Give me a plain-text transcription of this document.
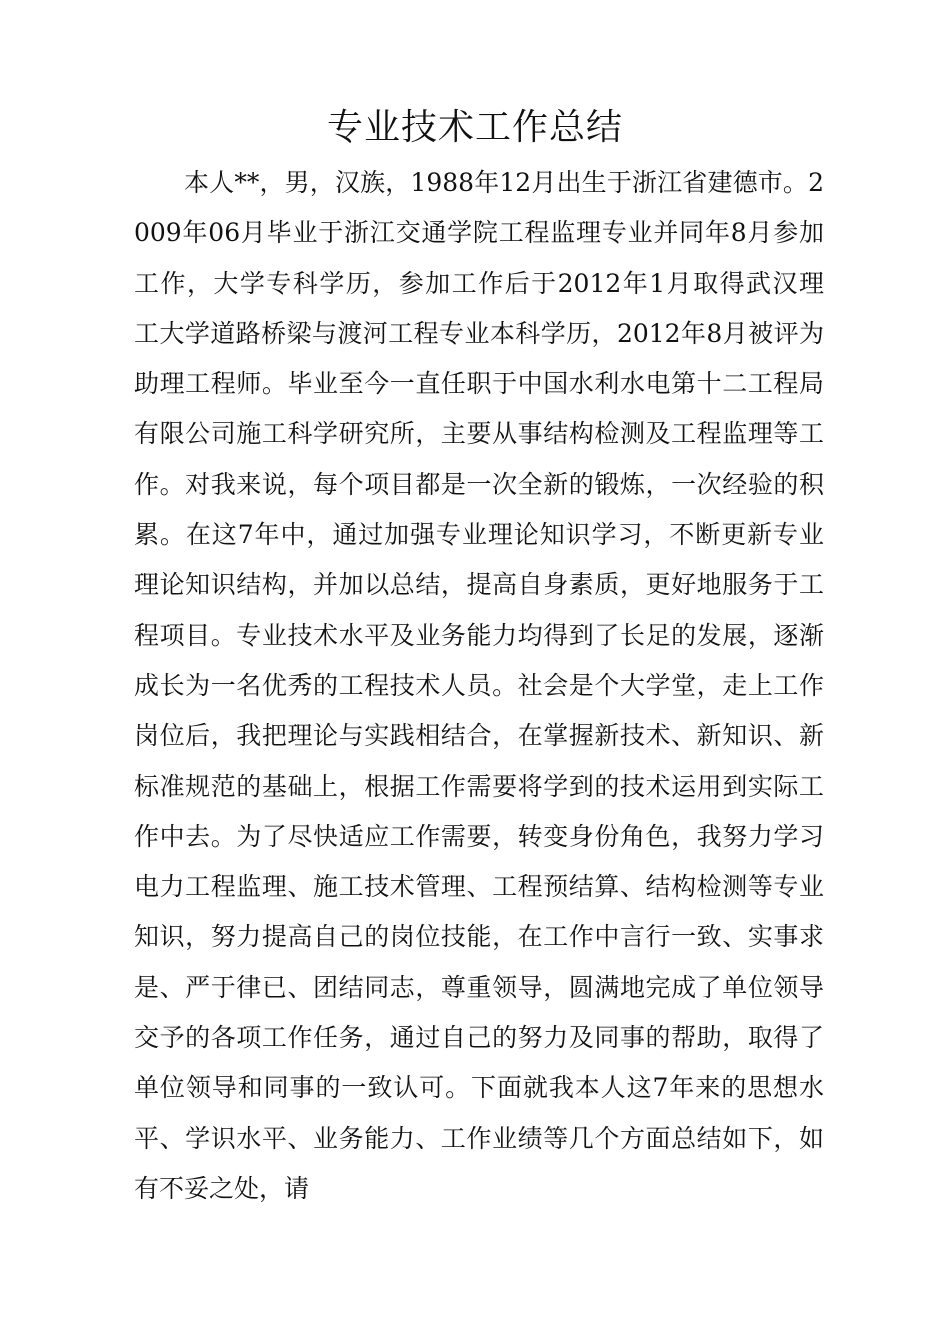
专业技术工作总结
本人**，男，汉族，1988年12月出生于浙江省建德市。2
009年06月毕业于浙江交通学院工程监理专业并同年8月参加
工作，大学专科学历，参加工作后于2012年1月取得武汉理
工大学道路桥梁与渡河工程专业本科学历，2012年8月被评为
助理工程师。毕业至今一直任职于中国水利水电第十二工程局
有限公司施工科学研究所，主要从事结构检测及工程监理等工
作。对我来说，每个项目都是一次全新的锻炼，一次经验的积
累。在这7年中，通过加强专业理论知识学习，不断更新专业
理论知识结构，并加以总结，提高自身素质，更好地服务于工
程项目。专业技术水平及业务能力均得到了长足的发展，逐渐
成长为一名优秀的工程技术人员。社会是个大学堂，走上工作
岗位后，我把理论与实践相结合，在掌握新技术、新知识、新
标准规范的基础上，根据工作需要将学到的技术运用到实际工
作中去。为了尽快适应工作需要，转变身份角色，我努力学习
电力工程监理、施工技术管理、工程预结算、结构检测等专业
知识，努力提高自己的岗位技能，在工作中言行一致、实事求
是、严于律已、团结同志，尊重领导，圆满地完成了单位领导
交予的各项工作任务，通过自己的努力及同事的帮助，取得了
单位领导和同事的一致认可。下面就我本人这7年来的思想水
平、学识水平、业务能力、工作业绩等几个方面总结如下，如
有不妥之处，请
